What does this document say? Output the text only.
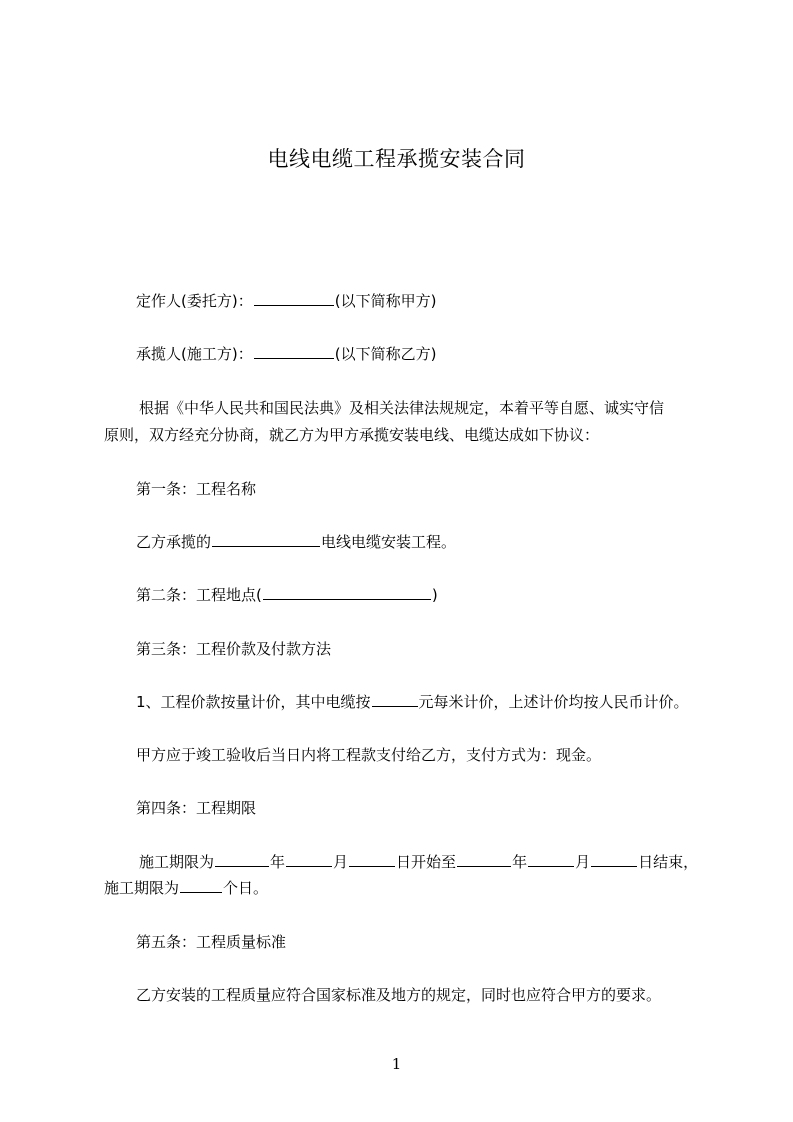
电线电缆工程承揽安装合同
定作人(委托方)：	(以下简称甲方)
承揽人(施工方)：	(以下简称乙方)
根据《中华人民共和国民法典》及相关法律法规规定，本着平等自愿、诚实守信
原则，双方经充分协商，就乙方为甲方承揽安装电线、电缆达成如下协议：
第一条：工程名称
乙方承揽的	电线电缆安装工程。
第二条：工程地点(	)
第三条：工程价款及付款方法
1、工程价款按量计价，其中电缆按	元每米计价，上述计价均按人民币计价。
甲方应于竣工验收后当日内将工程款支付给乙方，支付方式为：现金。
第四条：工程期限
施工期限为	年	月	日开始至	年	月	日结束，
施工期限为	个日。
第五条：工程质量标准
乙方安装的工程质量应符合国家标准及地方的规定，同时也应符合甲方的要求。
1
